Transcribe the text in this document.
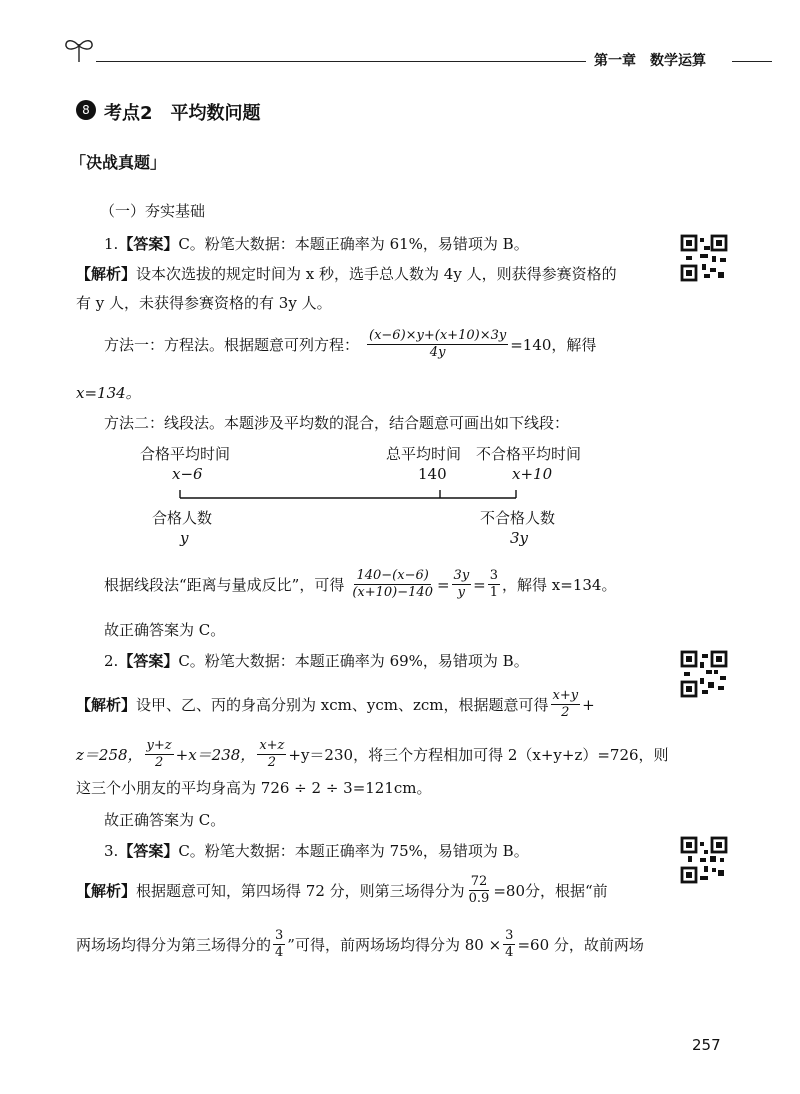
第一章　数学运算
8 考点2　平均数问题
「决战真题」
（一）夯实基础
1.【答案】C。粉笔大数据：本题正确率为 61%，易错项为 B。
【解析】设本次选拔的规定时间为 x 秒，选手总人数为 4y 人，则获得参赛资格的
有 y 人，未获得参赛资格的有 3y 人。
方法一：方程法。根据题意可列方程： $\frac{(x-6)\times y+(x+10)\times 3y}{4y} =140$，解得
x=134。
方法二：线段法。本题涉及平均数的混合，结合题意可画出如下线段：
合格平均时间
x−6
总平均时间
140
不合格平均时间
x+10
合格人数
y
不合格人数
3y
根据线段法“距离与量成反比”，可得 $\frac{140-(x-6)}{(x+10)-140} = \frac{3y}{y} = \frac{3}{1}$ ，解得 x=134。
故正确答案为 C。
2.【答案】C。粉笔大数据：本题正确率为 69%，易错项为 B。
【解析】 设甲、乙、丙的身高分别为 xcm、ycm、zcm，根据题意可得 $\frac{x+y}{2}$ +
z＝258， $\frac{y+z}{2} +x=238$， $\frac{x+z}{2} +y=230$，将三个方程相加可得 2（x+y+z）=726，则
这三个小朋友的平均身高为 726 ÷ 2 ÷ 3=121cm。
故正确答案为 C。
3.【答案】C。粉笔大数据：本题正确率为 75%，易错项为 B。
【解析】 根据题意可知，第四场得 72 分，则第三场得分为 $\frac{72}{0.9} =80$分，根据“前
两场场均得分为第三场得分的 $\frac{3}{4}$ ”可得，前两场场均得分为 $80 \times \frac{3}{4} =60$ 分，故前两场
257
